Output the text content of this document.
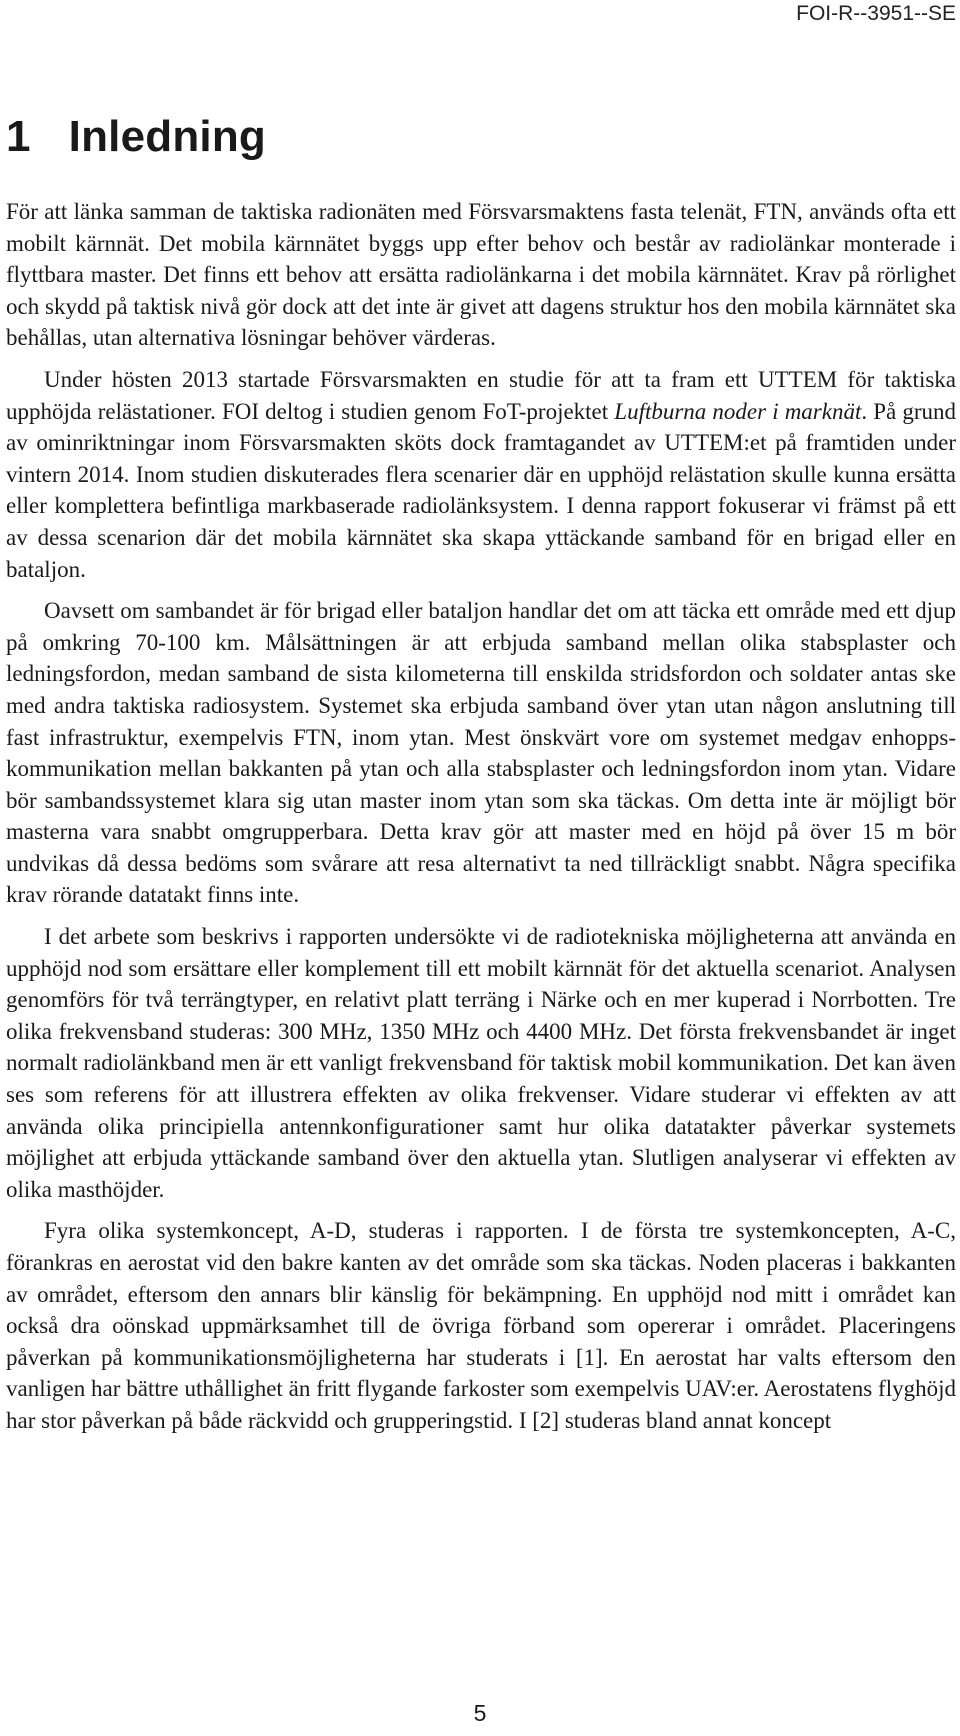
FOI-R--3951--SE
1 Inledning

För att länka samman de taktiska radionäten med Försvarsmaktens fasta telenät, FTN, används ofta ett mobilt kärnnät. Det mobila kärnnätet byggs upp efter behov och består av radiolänkar monterade i flyttbara master. Det finns ett behov att ersätta radiolänkarna i det mobila kärnnätet. Krav på rörlighet och skydd på taktisk nivå gör dock att det inte är givet att dagens struktur hos den mobila kärnnätet ska behållas, utan alternativa lösningar behöver värderas.

Under hösten 2013 startade Försvarsmakten en studie för att ta fram ett UTTEM för taktiska upphöjda relästationer. FOI deltog i studien genom FoT-projektet Luftburna noder i marknät. På grund av ominriktningar inom Försvarsmakten sköts dock framtagandet av UTTEM:et på framtiden under vintern 2014. Inom studien diskuterades flera scenarier där en upphöjd relästation skulle kunna ersätta eller komplettera befintliga markbaserade radiolänksystem. I denna rapport fokuserar vi främst på ett av dessa scenarion där det mobila kärnnätet ska skapa yttäckande samband för en brigad eller en bataljon.

Oavsett om sambandet är för brigad eller bataljon handlar det om att täcka ett område med ett djup på omkring 70-100 km. Målsättningen är att erbjuda samband mellan olika stabsplaster och ledningsfordon, medan samband de sista kilometerna till enskilda stridsfordon och soldater antas ske med andra taktiska radiosystem. Systemet ska erbjuda samband över ytan utan någon anslutning till fast infrastruktur, exempelvis FTN, inom ytan. Mest önskvärt vore om systemet medgav enhopps-kommunikation mellan bakkanten på ytan och alla stabsplaster och ledningsfordon inom ytan. Vidare bör sambandssystemet klara sig utan master inom ytan som ska täckas. Om detta inte är möjligt bör masterna vara snabbt omgrupperbara. Detta krav gör att master med en höjd på över 15 m bör undvikas då dessa bedöms som svårare att resa alternativt ta ned tillräckligt snabbt. Några specifika krav rörande datatakt finns inte.

I det arbete som beskrivs i rapporten undersökte vi de radiotekniska möjligheterna att använda en upphöjd nod som ersättare eller komplement till ett mobilt kärnnät för det aktuella scenariot. Analysen genomförs för två terrängtyper, en relativt platt terräng i Närke och en mer kuperad i Norrbotten. Tre olika frekvensband studeras: 300 MHz, 1350 MHz och 4400 MHz. Det första frekvensbandet är inget normalt radiolänkband men är ett vanligt frekvensband för taktisk mobil kommunikation. Det kan även ses som referens för att illustrera effekten av olika frekvenser. Vidare studerar vi effekten av att använda olika principiella antennkonfigurationer samt hur olika datatakter påverkar systemets möjlighet att erbjuda yttäckande samband över den aktuella ytan. Slutligen analyserar vi effekten av olika masthöjder.

Fyra olika systemkoncept, A-D, studeras i rapporten. I de första tre systemkoncepten, A-C, förankras en aerostat vid den bakre kanten av det område som ska täckas. Noden placeras i bakkanten av området, eftersom den annars blir känslig för bekämpning. En upphöjd nod mitt i området kan också dra oönskad uppmärksamhet till de övriga förband som opererar i området. Placeringens påverkan på kommunikationsmöjligheterna har studerats i [1]. En aerostat har valts eftersom den vanligen har bättre uthållighet än fritt flygande farkoster som exempelvis UAV:er. Aerostatens flyghöjd har stor påverkan på både räckvidd och grupperingstid. I [2] studeras bland annat koncept

5
